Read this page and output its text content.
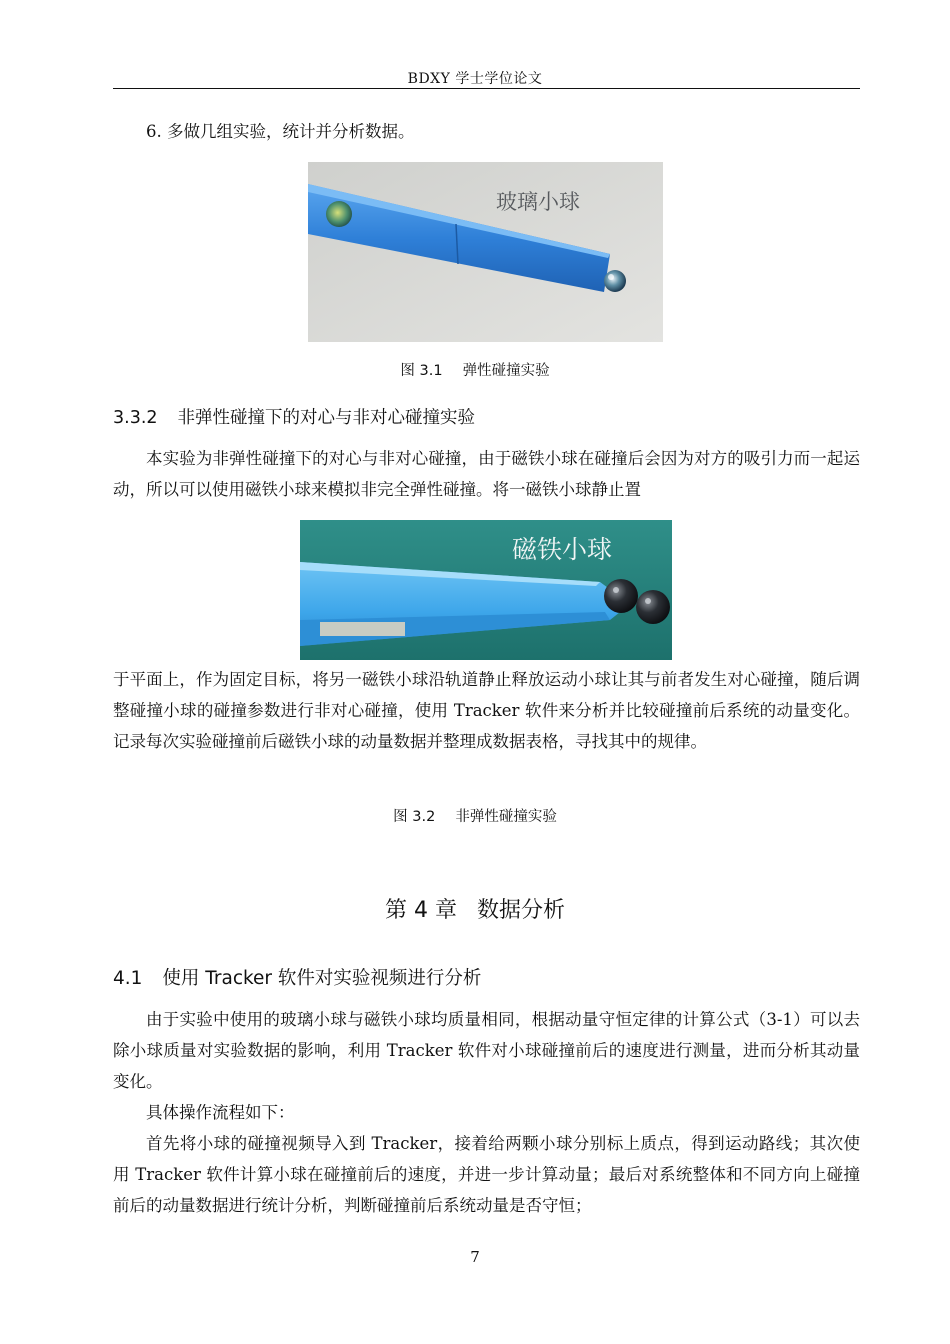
BDXY 学士学位论文

6. 多做几组实验，统计并分析数据。

玻璃小球
图 3.1 弹性碰撞实验
3.3.2 非弹性碰撞下的对心与非对心碰撞实验

本实验为非弹性碰撞下的对心与非对心碰撞，由于磁铁小球在碰撞后会因为对方的吸引力而一起运动，所以可以使用磁铁小球来模拟非完全弹性碰撞。将一磁铁小球静止置

磁铁小球

于平面上，作为固定目标，将另一磁铁小球沿轨道静止释放运动小球让其与前者发生对心碰撞，随后调整碰撞小球的碰撞参数进行非对心碰撞，使用 Tracker 软件来分析并比较碰撞前后系统的动量变化。记录每次实验碰撞前后磁铁小球的动量数据并整理成数据表格，寻找其中的规律。

图 3.2 非弹性碰撞实验
第 4 章 数据分析
4.1 使用 Tracker 软件对实验视频进行分析

由于实验中使用的玻璃小球与磁铁小球均质量相同，根据动量守恒定律的计算公式（3-1）可以去除小球质量对实验数据的影响，利用 Tracker 软件对小球碰撞前后的速度进行测量，进而分析其动量变化。

具体操作流程如下：

首先将小球的碰撞视频导入到 Tracker，接着给两颗小球分别标上质点，得到运动路线；其次使用 Tracker 软件计算小球在碰撞前后的速度，并进一步计算动量；最后对系统整体和不同方向上碰撞前后的动量数据进行统计分析，判断碰撞前后系统动量是否守恒；

7
